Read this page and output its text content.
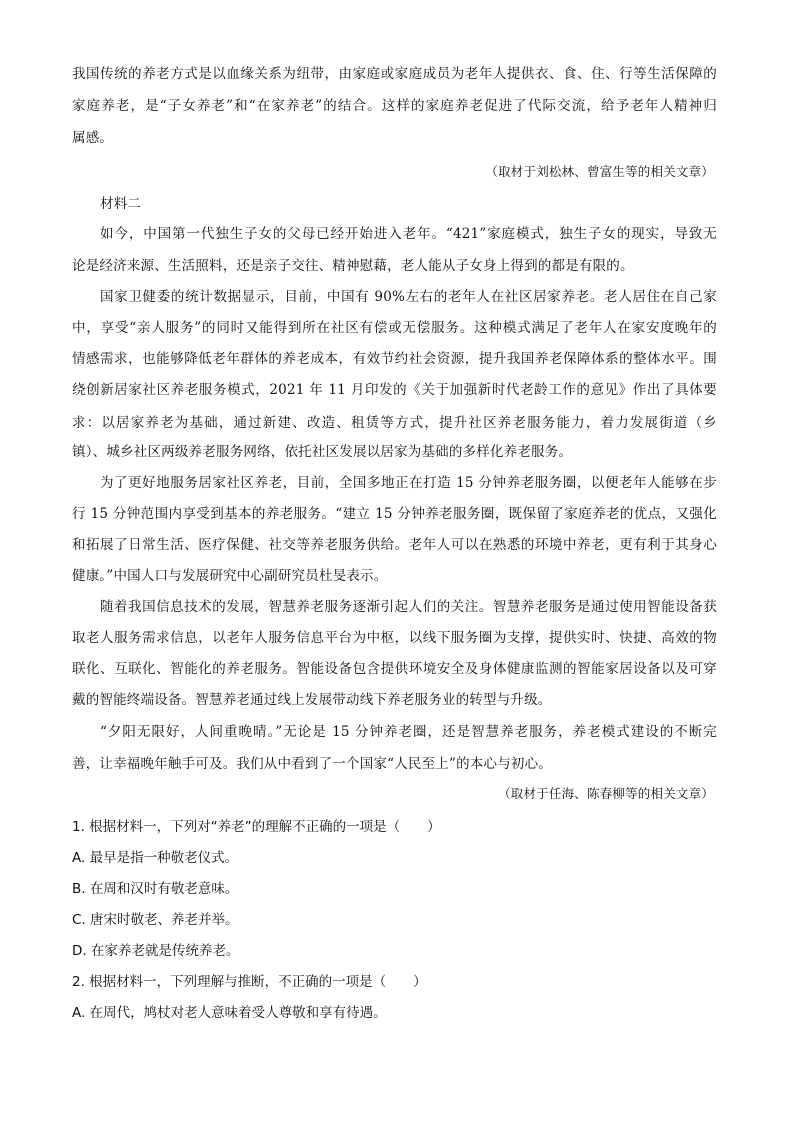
我国传统的养老方式是以血缘关系为纽带，由家庭或家庭成员为老年人提供衣、食、住、行等生活保障的
家庭养老，是“子女养老”和“在家养老”的结合。这样的家庭养老促进了代际交流，给予老年人精神归
属感。
（取材于刘松林、曾富生等的相关文章）
材料二
如今，中国第一代独生子女的父母已经开始进入老年。“421”家庭模式，独生子女的现实，导致无
论是经济来源、生活照料，还是亲子交往、精神慰藉，老人能从子女身上得到的都是有限的。
国家卫健委的统计数据显示，目前，中国有 90%左右的老年人在社区居家养老。老人居住在自己家
中，享受“亲人服务”的同时又能得到所在社区有偿或无偿服务。这种模式满足了老年人在家安度晚年的
情感需求，也能够降低老年群体的养老成本，有效节约社会资源，提升我国养老保障体系的整体水平。围
绕创新居家社区养老服务模式，2021 年 11 月印发的《关于加强新时代老龄工作的意见》作出了具体要
求：以居家养老为基础，通过新建、改造、租赁等方式，提升社区养老服务能力，着力发展街道（乡
镇）、城乡社区两级养老服务网络，依托社区发展以居家为基础的多样化养老服务。
为了更好地服务居家社区养老，目前，全国多地正在打造 15 分钟养老服务圈，以便老年人能够在步
行 15 分钟范围内享受到基本的养老服务。“建立 15 分钟养老服务圈，既保留了家庭养老的优点，又强化
和拓展了日常生活、医疗保健、社交等养老服务供给。老年人可以在熟悉的环境中养老，更有利于其身心
健康。”中国人口与发展研究中心副研究员杜旻表示。
随着我国信息技术的发展，智慧养老服务逐渐引起人们的关注。智慧养老服务是通过使用智能设备获
取老人服务需求信息，以老年人服务信息平台为中枢，以线下服务圈为支撑，提供实时、快捷、高效的物
联化、互联化、智能化的养老服务。智能设备包含提供环境安全及身体健康监测的智能家居设备以及可穿
戴的智能终端设备。智慧养老通过线上发展带动线下养老服务业的转型与升级。
“夕阳无限好，人间重晚晴。”无论是 15 分钟养老圈，还是智慧养老服务，养老模式建设的不断完
善，让幸福晚年触手可及。我们从中看到了一个国家“人民至上”的本心与初心。
（取材于任海、陈春柳等的相关文章）
1. 根据材料一，下列对“养老”的理解不正确的一项是（　　）
A. 最早是指一种敬老仪式。
B. 在周和汉时有敬老意味。
C. 唐宋时敬老、养老并举。
D. 在家养老就是传统养老。
2. 根据材料一，下列理解与推断，不正确的一项是（　　）
A. 在周代，鸠杖对老人意味着受人尊敬和享有待遇。
